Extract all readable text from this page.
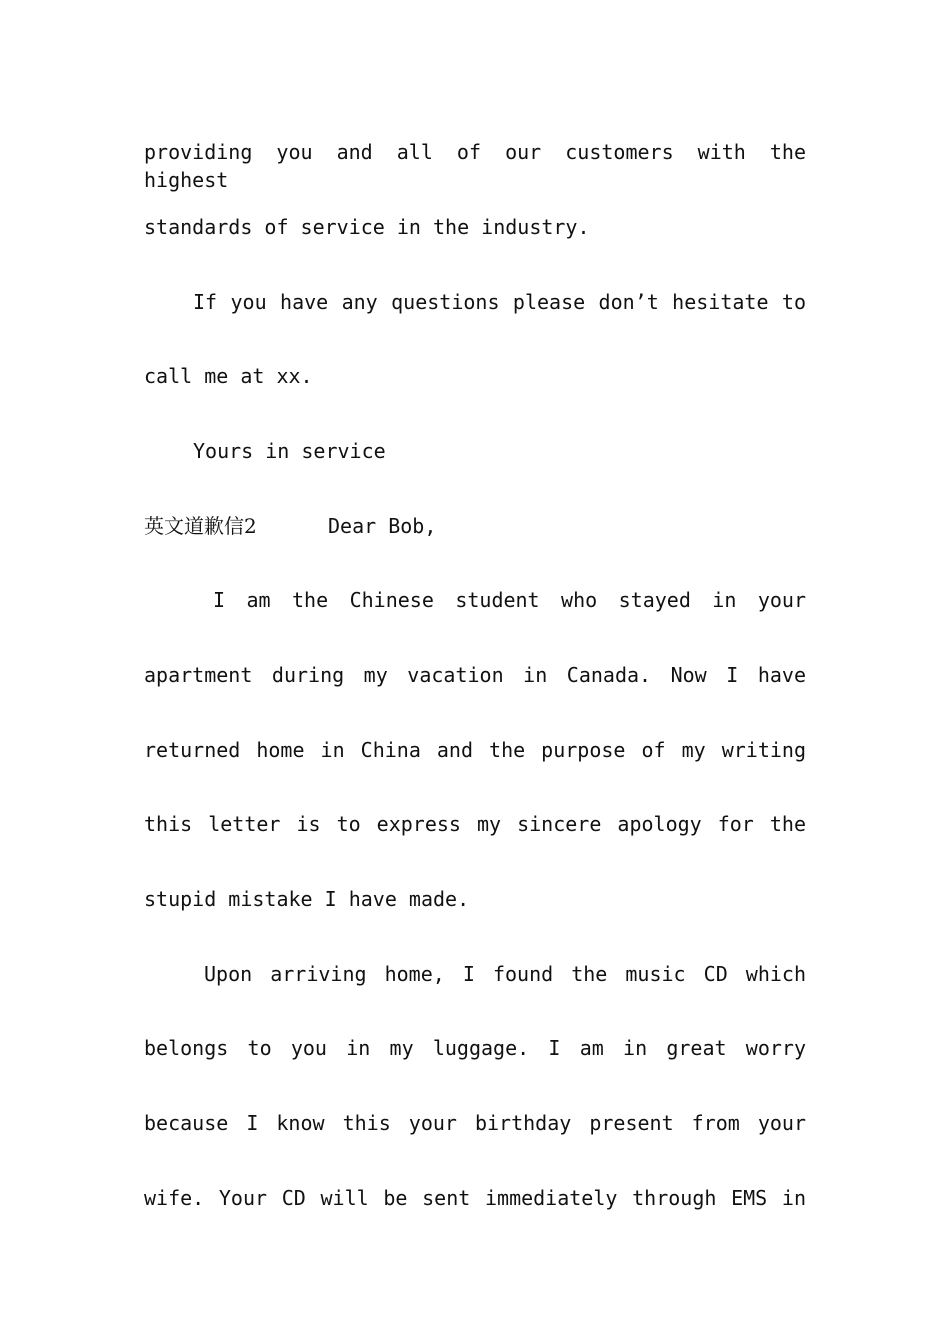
providing you and all of our customers with the highest
standards of service in the industry.
If you have any questions please don’t hesitate to
call me at xx.
Yours in service
英文道歉信2	Dear Bob,
I am the Chinese student who stayed in your
apartment during my vacation in Canada. Now I have
returned home in China and the purpose of my writing
this letter is to express my sincere apology for the
stupid mistake I have made.
Upon arriving home, I found the music CD which
belongs to you in my luggage. I am in great worry
because I know this your birthday present from your
wife. Your CD will be sent immediately through EMS in
